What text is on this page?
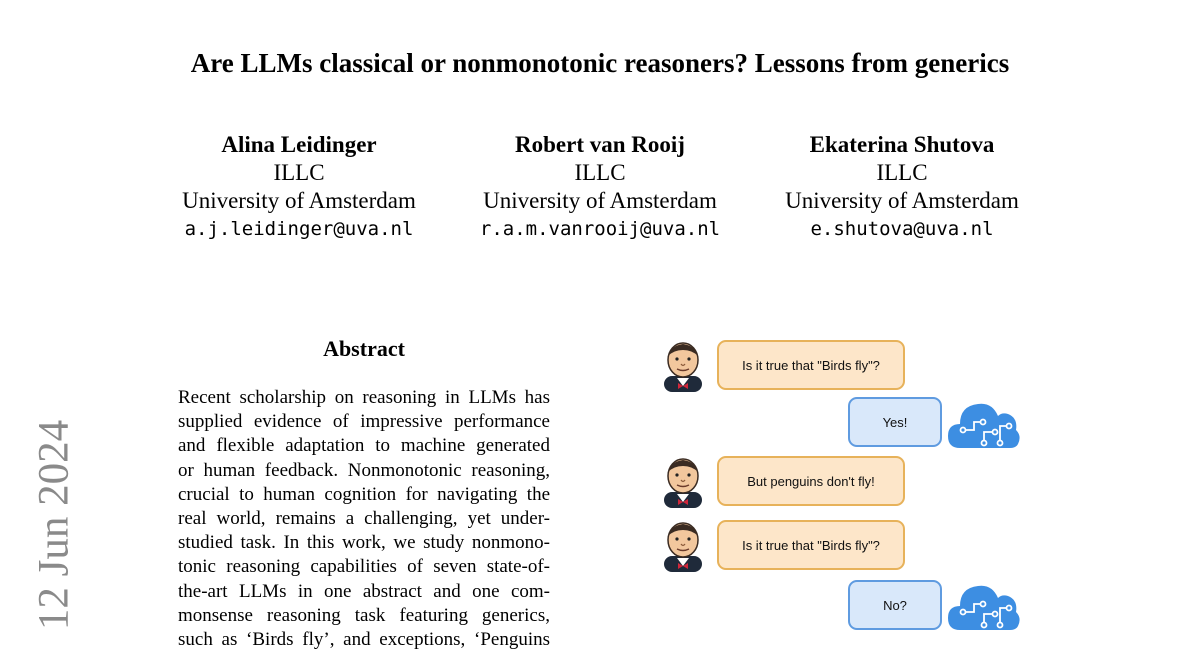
Are LLMs classical or nonmonotonic reasoners? Lessons from generics
Alina Leidinger
ILLC
University of Amsterdam
a.j.leidinger@uva.nl
Robert van Rooij
ILLC
University of Amsterdam
r.a.m.vanrooij@uva.nl
Ekaterina Shutova
ILLC
University of Amsterdam
e.shutova@uva.nl
12 Jun 2024
Abstract
Recent scholarship on reasoning in LLMs has
supplied evidence of impressive performance
and flexible adaptation to machine generated
or human feedback. Nonmonotonic reasoning,
crucial to human cognition for navigating the
real world, remains a challenging, yet under-
studied task. In this work, we study nonmono-
tonic reasoning capabilities of seven state-of-
the-art LLMs in one abstract and one com-
monsense reasoning task featuring generics,
such as ‘Birds fly’, and exceptions, ‘Penguins
Is it true that "Birds fly"?
Yes!
But penguins don't fly!
Is it true that "Birds fly"?
No?
